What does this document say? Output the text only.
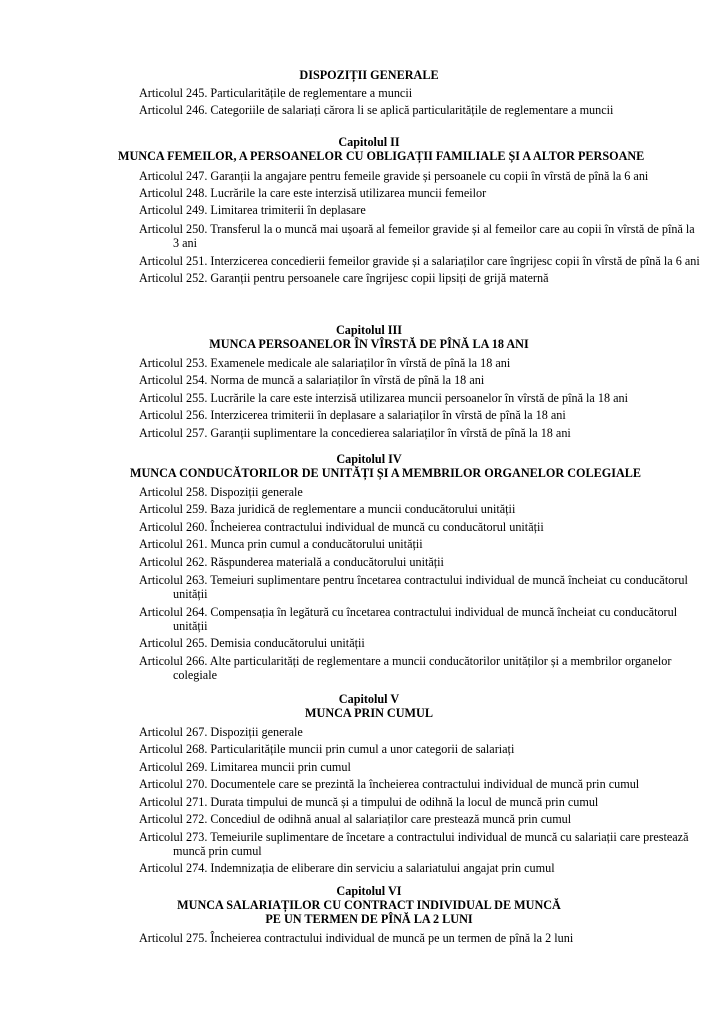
DISPOZIȚII GENERALE
Articolul 245. Particularitățile de reglementare a muncii
Articolul 246. Categoriile de salariați cărora li se aplică particularitățile de reglementare a muncii
Capitolul II
MUNCA FEMEILOR, A PERSOANELOR CU OBLIGAȚII FAMILIALE ȘI A ALTOR PERSOANE
Articolul 247. Garanții la angajare pentru femeile gravide și persoanele cu copii în vîrstă de pînă la 6 ani
Articolul 248. Lucrările la care este interzisă utilizarea muncii femeilor
Articolul 249. Limitarea trimiterii în deplasare
Articolul 250. Transferul la o muncă mai ușoară al femeilor gravide și al femeilor care au copii în vîrstă de pînă la 3 ani
Articolul 251. Interzicerea concedierii femeilor gravide și a salariaților care îngrijesc copii în vîrstă de pînă la 6 ani
Articolul 252. Garanții pentru persoanele care îngrijesc copii lipsiți de grijă maternă
Capitolul III
MUNCA PERSOANELOR ÎN VÎRSTĂ DE PÎNĂ LA 18 ANI
Articolul 253. Examenele medicale ale salariaților în vîrstă de pînă la 18 ani
Articolul 254. Norma de muncă a salariaților în vîrstă de pînă la 18 ani
Articolul 255. Lucrările la care este interzisă utilizarea muncii persoanelor în vîrstă de pînă la 18 ani
Articolul 256. Interzicerea trimiterii în deplasare a salariaților în vîrstă de pînă la 18 ani
Articolul 257. Garanții suplimentare la concedierea salariaților în vîrstă de pînă la 18 ani
Capitolul IV
MUNCA CONDUCĂTORILOR DE UNITĂȚI ȘI A MEMBRILOR ORGANELOR COLEGIALE
Articolul 258. Dispoziții generale
Articolul 259. Baza juridică de reglementare a muncii conducătorului unității
Articolul 260. Încheierea contractului individual de muncă cu conducătorul unității
Articolul 261. Munca prin cumul a conducătorului unității
Articolul 262. Răspunderea materială a conducătorului unității
Articolul 263. Temeiuri suplimentare pentru încetarea contractului individual de muncă încheiat cu conducătorul unității
Articolul 264. Compensația în legătură cu încetarea contractului individual de muncă încheiat cu conducătorul unității
Articolul 265. Demisia conducătorului unității
Articolul 266. Alte particularități de reglementare a muncii conducătorilor unităților și a membrilor organelor colegiale
Capitolul V
MUNCA PRIN CUMUL
Articolul 267. Dispoziții generale
Articolul 268. Particularitățile muncii prin cumul a unor categorii de salariați
Articolul 269. Limitarea muncii prin cumul
Articolul 270. Documentele care se prezintă la încheierea contractului individual de muncă prin cumul
Articolul 271. Durata timpului de muncă și a timpului de odihnă la locul de muncă prin cumul
Articolul 272. Concediul de odihnă anual al salariaților care prestează muncă prin cumul
Articolul 273. Temeiurile suplimentare de încetare a contractului individual de muncă cu salariații care prestează muncă prin cumul
Articolul 274. Indemnizația de eliberare din serviciu a salariatului angajat prin cumul
Capitolul VI
MUNCA SALARIAȚILOR CU CONTRACT INDIVIDUAL DE MUNCĂ
PE UN TERMEN DE PÎNĂ LA 2 LUNI
Articolul 275. Încheierea contractului individual de muncă pe un termen de pînă la 2 luni
